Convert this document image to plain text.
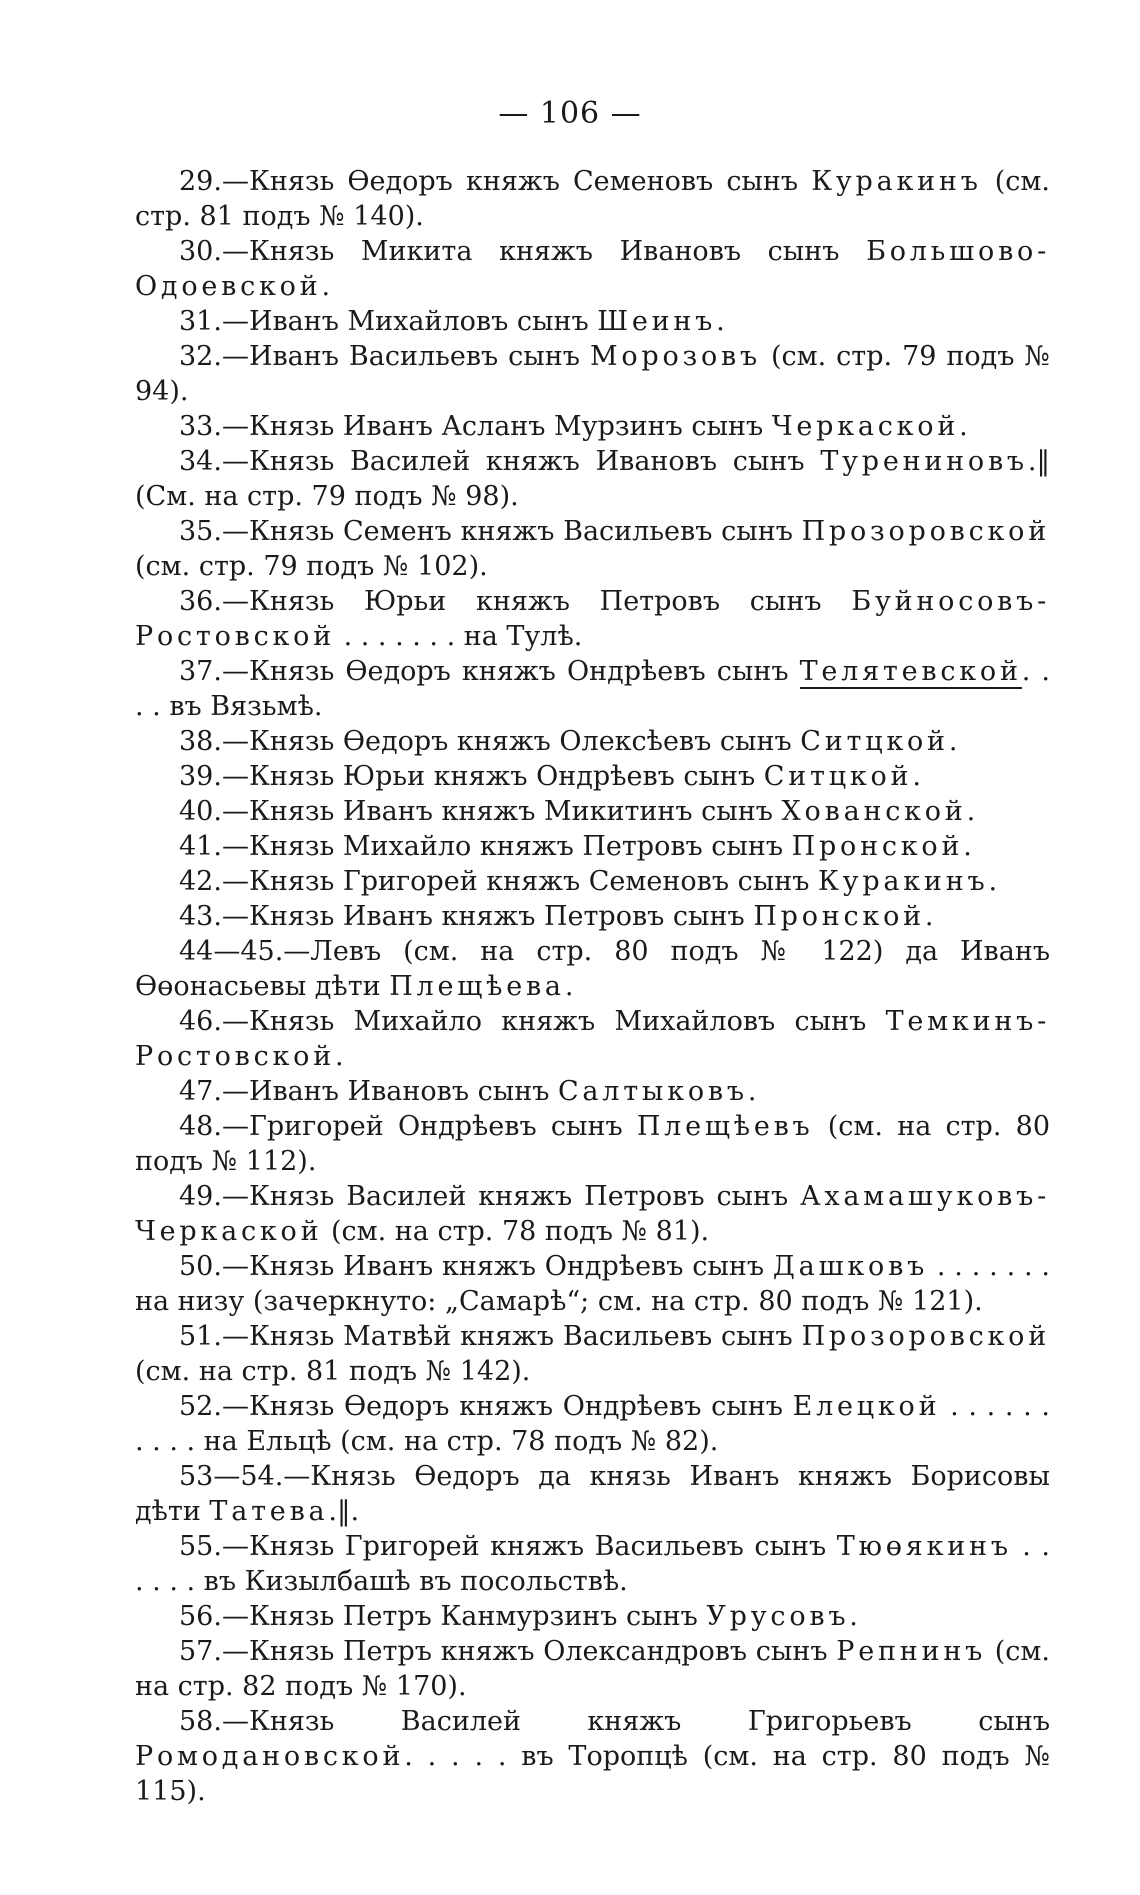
— 106 —

29.—Князь Өедоръ княжъ Семеновъ сынъ Куракинъ (см. стр. 81 подъ № 140).

30.—Князь Микита княжъ Ивановъ сынъ Большово-Одоевской.

31.—Иванъ Михайловъ сынъ Шеинъ.

32.—Иванъ Васильевъ сынъ Морозовъ (см. стр. 79 подъ № 94).

33.—Князь Иванъ Асланъ Мурзинъ сынъ Черкаской.

34.—Князь Василей княжъ Ивановъ сынъ Турениновъ.‖ (См. на стр. 79 подъ № 98).

35.—Князь Семенъ княжъ Васильевъ сынъ Прозоровской (см. стр. 79 подъ № 102).

36.—Князь Юрьи княжъ Петровъ сынъ Буйносовъ-Ростовской . . . . . . . на Тулѣ.

37.—Князь Өедоръ княжъ Ондрѣевъ сынъ Телятевской. . . . въ Вязьмѣ.

38.—Князь Өедоръ княжъ Олексѣевъ сынъ Ситцкой.

39.—Князь Юрьи княжъ Ондрѣевъ сынъ Ситцкой.

40.—Князь Иванъ княжъ Микитинъ сынъ Хованской.

41.—Князь Михайло княжъ Петровъ сынъ Пронской.

42.—Князь Григорей княжъ Семеновъ сынъ Куракинъ.

43.—Князь Иванъ княжъ Петровъ сынъ Пронской.

44—45.—Левъ (см. на стр. 80 подъ № 122) да Иванъ Өөонасьевы дѣти Плещѣева.

46.—Князь Михайло княжъ Михайловъ сынъ Темкинъ-Ростовской.

47.—Иванъ Ивановъ сынъ Салтыковъ.

48.—Григорей Ондрѣевъ сынъ Плещѣевъ (см. на стр. 80 подъ № 112).

49.—Князь Василей княжъ Петровъ сынъ Ахамашуковъ-Черкаской (см. на стр. 78 подъ № 81).

50.—Князь Иванъ княжъ Ондрѣевъ сынъ Дашковъ . . . . . . . на низу (зачеркнуто: „Самарѣ“; см. на стр. 80 подъ № 121).

51.—Князь Матвѣй княжъ Васильевъ сынъ Прозоровской (см. на стр. 81 подъ № 142).

52.—Князь Өедоръ княжъ Ондрѣевъ сынъ Елецкой . . . . . . . . . . на Ельцѣ (см. на стр. 78 подъ № 82).

53—54.—Князь Өедоръ да князь Иванъ княжъ Борисовы дѣти Татева.‖.

55.—Князь Григорей княжъ Васильевъ сынъ Тюөякинъ . . . . . . въ Кизылбашѣ въ посольствѣ.

56.—Князь Петръ Канмурзинъ сынъ Урусовъ.

57.—Князь Петръ княжъ Олександровъ сынъ Репнинъ (см. на стр. 82 подъ № 170).

58.—Князь Василей княжъ Григорьевъ сынъ Ромодановской. . . . . въ Торопцѣ (см. на стр. 80 подъ № 115).
